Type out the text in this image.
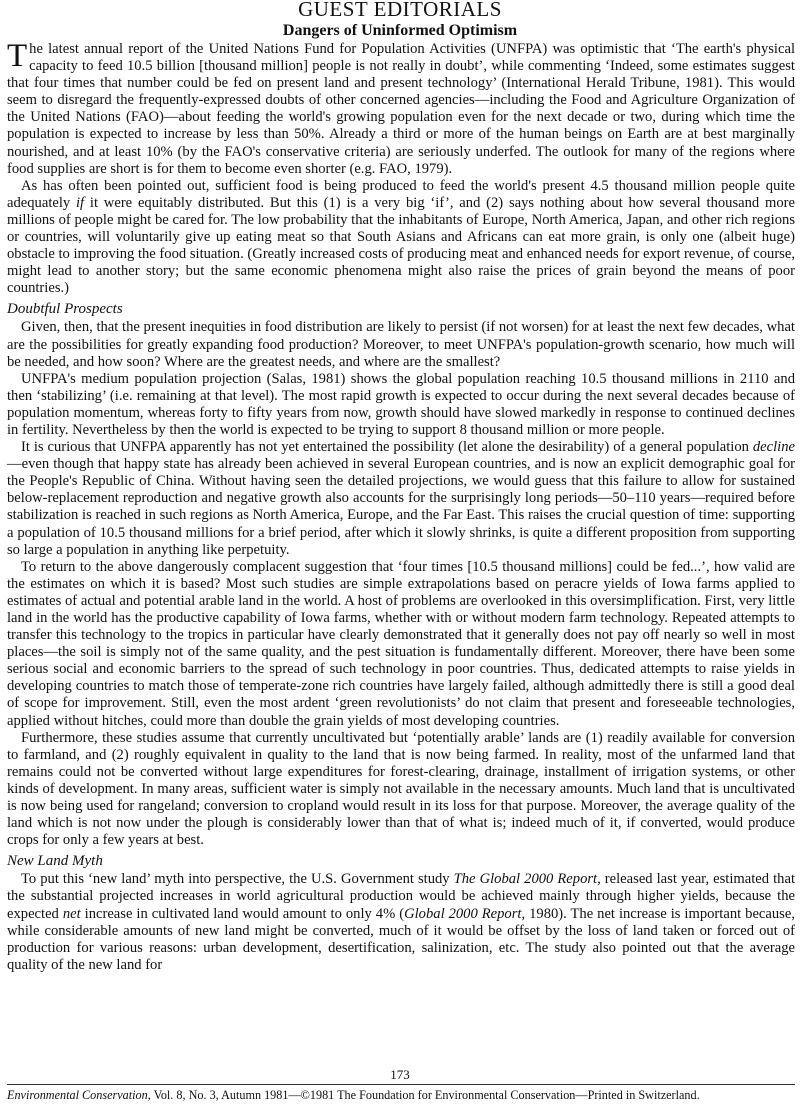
GUEST EDITORIALS
Dangers of Uninformed Optimism

The latest annual report of the United Nations Fund for Population Activities (UNFPA) was optimistic that ‘The earth's physical capacity to feed 10.5 billion [thousand million] people is not really in doubt’, while commenting ‘Indeed, some estimates suggest that four times that number could be fed on present land and present technology’ (International Herald Tribune, 1981). This would seem to disregard the frequently-expressed doubts of other concerned agencies—including the Food and Agriculture Organization of the United Nations (FAO)—about feeding the world's growing population even for the next decade or two, during which time the population is expected to increase by less than 50%. Already a third or more of the human beings on Earth are at best marginally nourished, and at least 10% (by the FAO's conservative criteria) are seriously underfed. The outlook for many of the regions where food supplies are short is for them to become even shorter (e.g. FAO, 1979).

As has often been pointed out, sufficient food is being produced to feed the world's present 4.5 thousand million people quite adequately if it were equitably distributed. But this (1) is a very big ‘if’, and (2) says nothing about how several thousand more millions of people might be cared for. The low probability that the inhabitants of Europe, North America, Japan, and other rich regions or countries, will voluntarily give up eating meat so that South Asians and Africans can eat more grain, is only one (albeit huge) obstacle to improving the food situation. (Greatly increased costs of producing meat and enhanced needs for export revenue, of course, might lead to another story; but the same economic phenomena might also raise the prices of grain beyond the means of poor countries.)

Doubtful Prospects

Given, then, that the present inequities in food distribution are likely to persist (if not worsen) for at least the next few decades, what are the possibilities for greatly expanding food production? Moreover, to meet UNFPA's population-growth scenario, how much will be needed, and how soon? Where are the greatest needs, and where are the smallest?

UNFPA's medium population projection (Salas, 1981) shows the global population reaching 10.5 thousand millions in 2110 and then ‘stabilizing’ (i.e. remaining at that level). The most rapid growth is expected to occur during the next several decades because of population momentum, whereas forty to fifty years from now, growth should have slowed markedly in response to continued declines in fertility. Nevertheless by then the world is expected to be trying to support 8 thousand million or more people.

It is curious that UNFPA apparently has not yet entertained the possibility (let alone the desirability) of a general population decline—even though that happy state has already been achieved in several European countries, and is now an explicit demographic goal for the People's Republic of China. Without having seen the detailed projections, we would guess that this failure to allow for sustained below-replacement reproduction and negative growth also accounts for the surprisingly long periods—50–110 years—required before stabilization is reached in such regions as North America, Europe, and the Far East. This raises the crucial question of time: supporting a population of 10.5 thousand millions for a brief period, after which it slowly shrinks, is quite a different proposition from supporting so large a population in anything like perpetuity.

To return to the above dangerously complacent suggestion that ‘four times [10.5 thousand millions] could be fed...’, how valid are the estimates on which it is based? Most such studies are simple extrapolations based on peracre yields of Iowa farms applied to estimates of actual and potential arable land in the world. A host of problems are overlooked in this oversimplification. First, very little land in the world has the productive capability of Iowa farms, whether with or without modern farm technology. Repeated attempts to transfer this technology to the tropics in particular have clearly demonstrated that it generally does not pay off nearly so well in most places—the soil is simply not of the same quality, and the pest situation is fundamentally different. Moreover, there have been some serious social and economic barriers to the spread of such technology in poor countries. Thus, dedicated attempts to raise yields in developing countries to match those of temperate-zone rich countries have largely failed, although admittedly there is still a good deal of scope for improvement. Still, even the most ardent ‘green revolutionists’ do not claim that present and foreseeable technologies, applied without hitches, could more than double the grain yields of most developing countries.

Furthermore, these studies assume that currently uncultivated but ‘potentially arable’ lands are (1) readily available for conversion to farmland, and (2) roughly equivalent in quality to the land that is now being farmed. In reality, most of the unfarmed land that remains could not be converted without large expenditures for forest-clearing, drainage, installment of irrigation systems, or other kinds of development. In many areas, sufficient water is simply not available in the necessary amounts. Much land that is uncultivated is now being used for rangeland; conversion to cropland would result in its loss for that purpose. Moreover, the average quality of the land which is not now under the plough is considerably lower than that of what is; indeed much of it, if converted, would produce crops for only a few years at best.

New Land Myth

To put this ‘new land’ myth into perspective, the U.S. Government study The Global 2000 Report, released last year, estimated that the substantial projected increases in world agricultural production would be achieved mainly through higher yields, because the expected net increase in cultivated land would amount to only 4% (Global 2000 Report, 1980). The net increase is important because, while considerable amounts of new land might be converted, much of it would be offset by the loss of land taken or forced out of production for various reasons: urban development, desertification, salinization, etc. The study also pointed out that the average quality of the new land for

173
Environmental Conservation, Vol. 8, No. 3, Autumn 1981—©1981 The Foundation for Environmental Conservation—Printed in Switzerland.
